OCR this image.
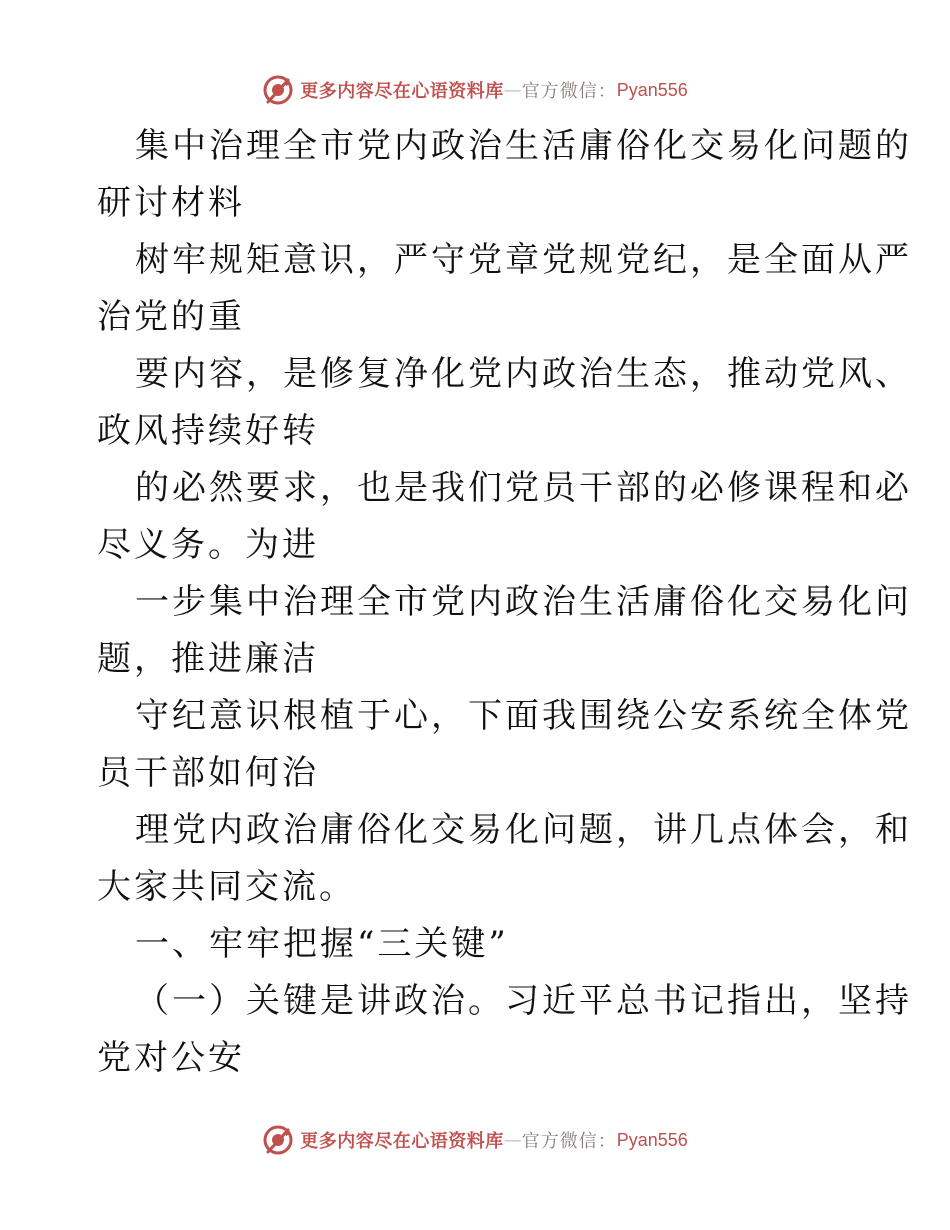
更多内容尽在心语资料库 — 官方微信： Pyan556
集中治理全市党内政治生活庸俗化交易化问题的
研讨材料
树牢规矩意识，严守党章党规党纪，是全面从严
治党的重
要内容，是修复净化党内政治生态，推动党风、
政风持续好转
的必然要求，也是我们党员干部的必修课程和必
尽义务。为进
一步集中治理全市党内政治生活庸俗化交易化问
题，推进廉洁
守纪意识根植于心，下面我围绕公安系统全体党
员干部如何治
理党内政治庸俗化交易化问题，讲几点体会，和
大家共同交流。
一、牢牢把握“三关键”
（一）关键是讲政治。习近平总书记指出，坚持
党对公安
更多内容尽在心语资料库 — 官方微信： Pyan556
